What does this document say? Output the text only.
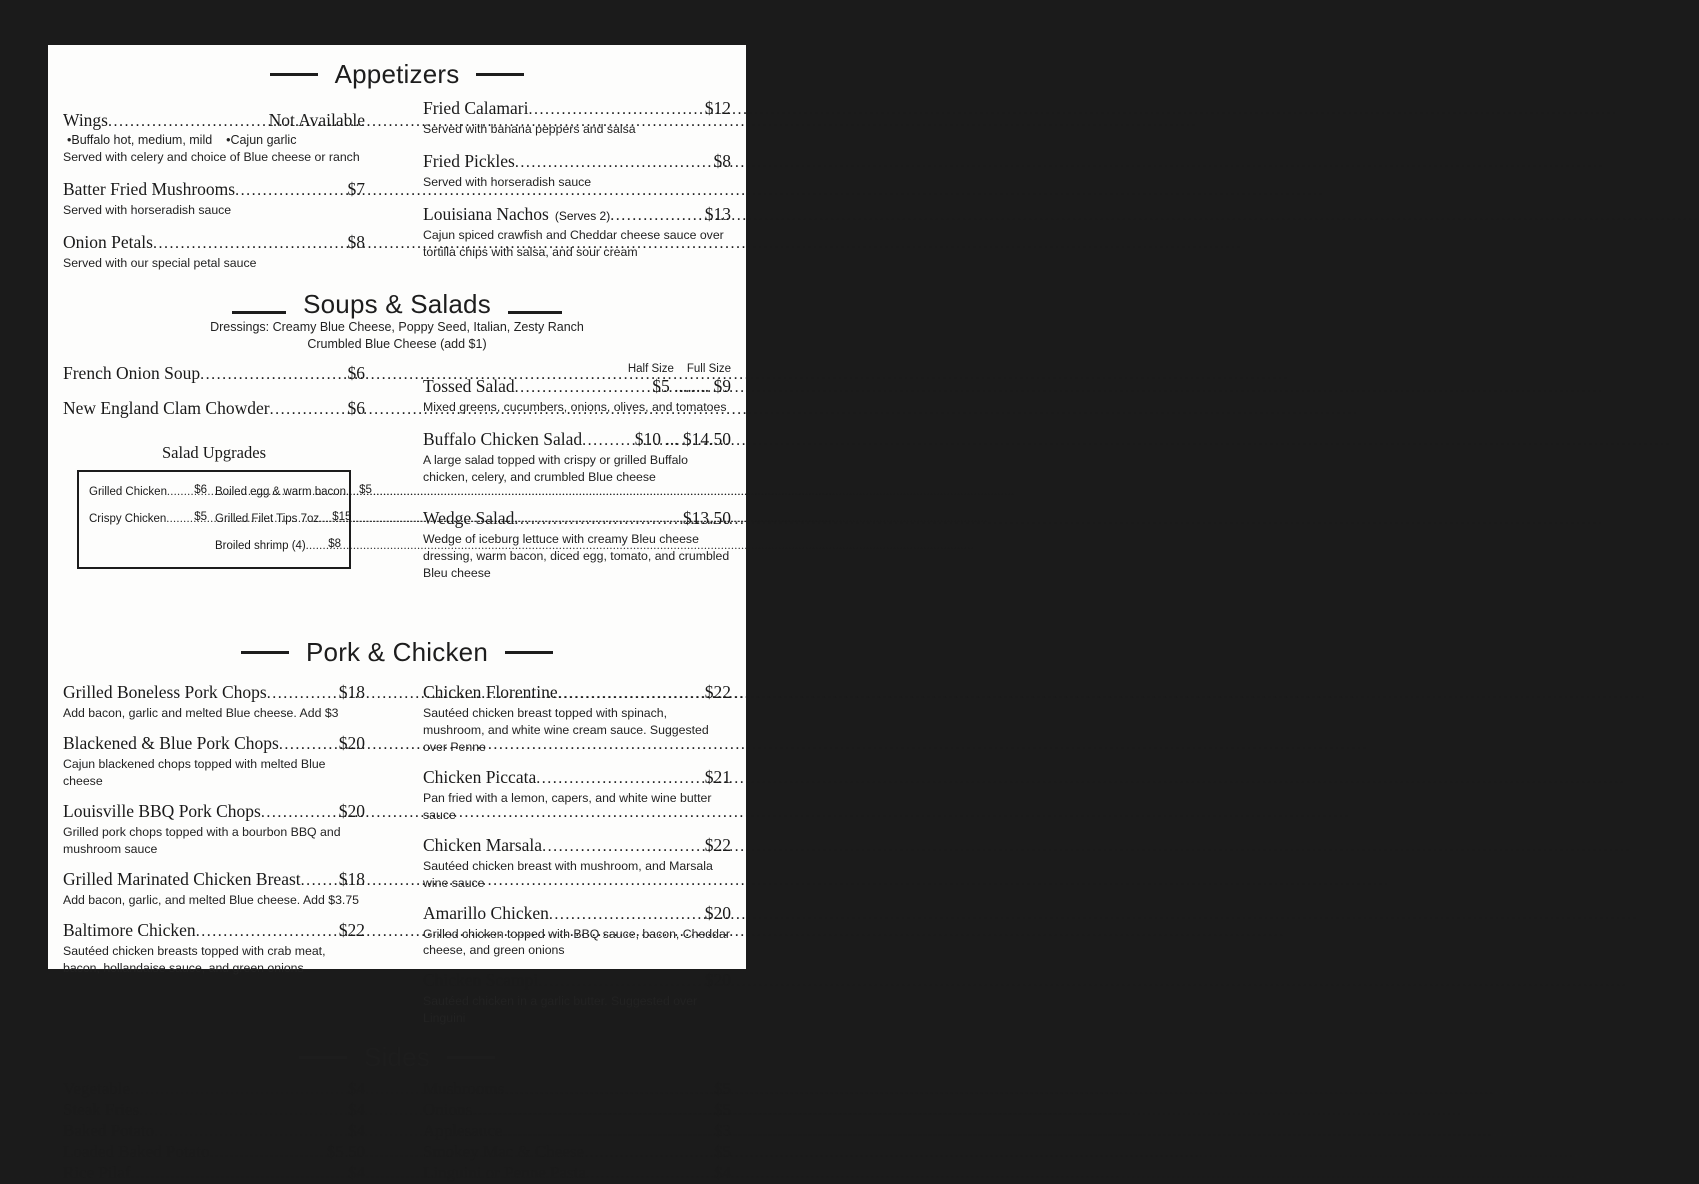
Appetizers
Wings .....	Not Available
•Buffalo hot, medium, mild    •Cajun garlic
Served with celery and choice of Blue cheese or ranch
Batter Fried Mushrooms .....	$7
Served with horseradish sauce
Onion Petals .....	$8
Served with our special petal sauce
Fried Calamari .....	$12
Served with banana peppers and salsa
Fried Pickles .....	$8
Served with horseradish sauce
Louisiana Nachos (Serves 2) .....	$13
Cajun spiced crawfish and Cheddar cheese sauce over tortilla chips with salsa, and sour cream
Soups & Salads
Dressings: Creamy Blue Cheese, Poppy Seed, Italian, Zesty Ranch
Crumbled Blue Cheese (add $1)
French Onion Soup .....	$6
New England Clam Chowder .....	$6
Salad Upgrades
Grilled Chicken .....	$6
Crispy Chicken .....	$5
Boiled egg & warm bacon .....	$5
Grilled Filet Tips 7oz .....	$15
Broiled shrimp (4) .....	$8
Half Size Full Size
Tossed Salad .....	$5 ........ $9
Mixed greens, cucumbers, onions, olives, and tomatoes
Buffalo Chicken Salad .....	$10 ... $14.50
A large salad topped with crispy or grilled Buffalo chicken, celery, and crumbled Blue cheese
Wedge Salad .....	$13.50
Wedge of iceburg lettuce with creamy Bleu cheese dressing, warm bacon, diced egg, tomato, and crumbled Bleu cheese
Pork & Chicken
Grilled Boneless Pork Chops .....	$18
Add bacon, garlic and melted Blue cheese. Add $3
Blackened & Blue Pork Chops .....	$20
Cajun blackened chops topped with melted Blue cheese
Louisville BBQ Pork Chops .....	$20
Grilled pork chops topped with a bourbon BBQ and mushroom sauce
Grilled Marinated Chicken Breast .....	$18
Add bacon, garlic, and melted Blue cheese. Add $3.75
Baltimore Chicken .....	$22
Sautéed chicken breasts topped with crab meat, bacon, hollandaise sauce, and green onions
Chicken Florentine .....	$22
Sautéed chicken breast topped with spinach, mushroom, and white wine cream sauce. Suggested over Penne
Chicken Piccata .....	$21
Pan fried with a lemon, capers, and white wine butter sauce
Chicken Marsala .....	$22
Sautéed chicken breast with mushroom, and Marsala wine sauce
Amarillo Chicken .....	$20
Grilled chicken topped with BBQ sauce, bacon, Cheddar cheese, and green onions
Chicken Scampi .....	$20
Sautéed chicken in a garlic butter. Suggested over Linguini
Sides
Vegetable .....	$4
Steak Fries .....	$4
Baked Potato .....	$4
Loaded Baked Potato .....	$5.50
Rice Pilaf .....	$4
Mushrooms .....	$5
Onions .....	$5
Applesauce .....	$3
Smokey Mac & Cheese .....	$5
Linguini or Penne Pasta .....	$4
